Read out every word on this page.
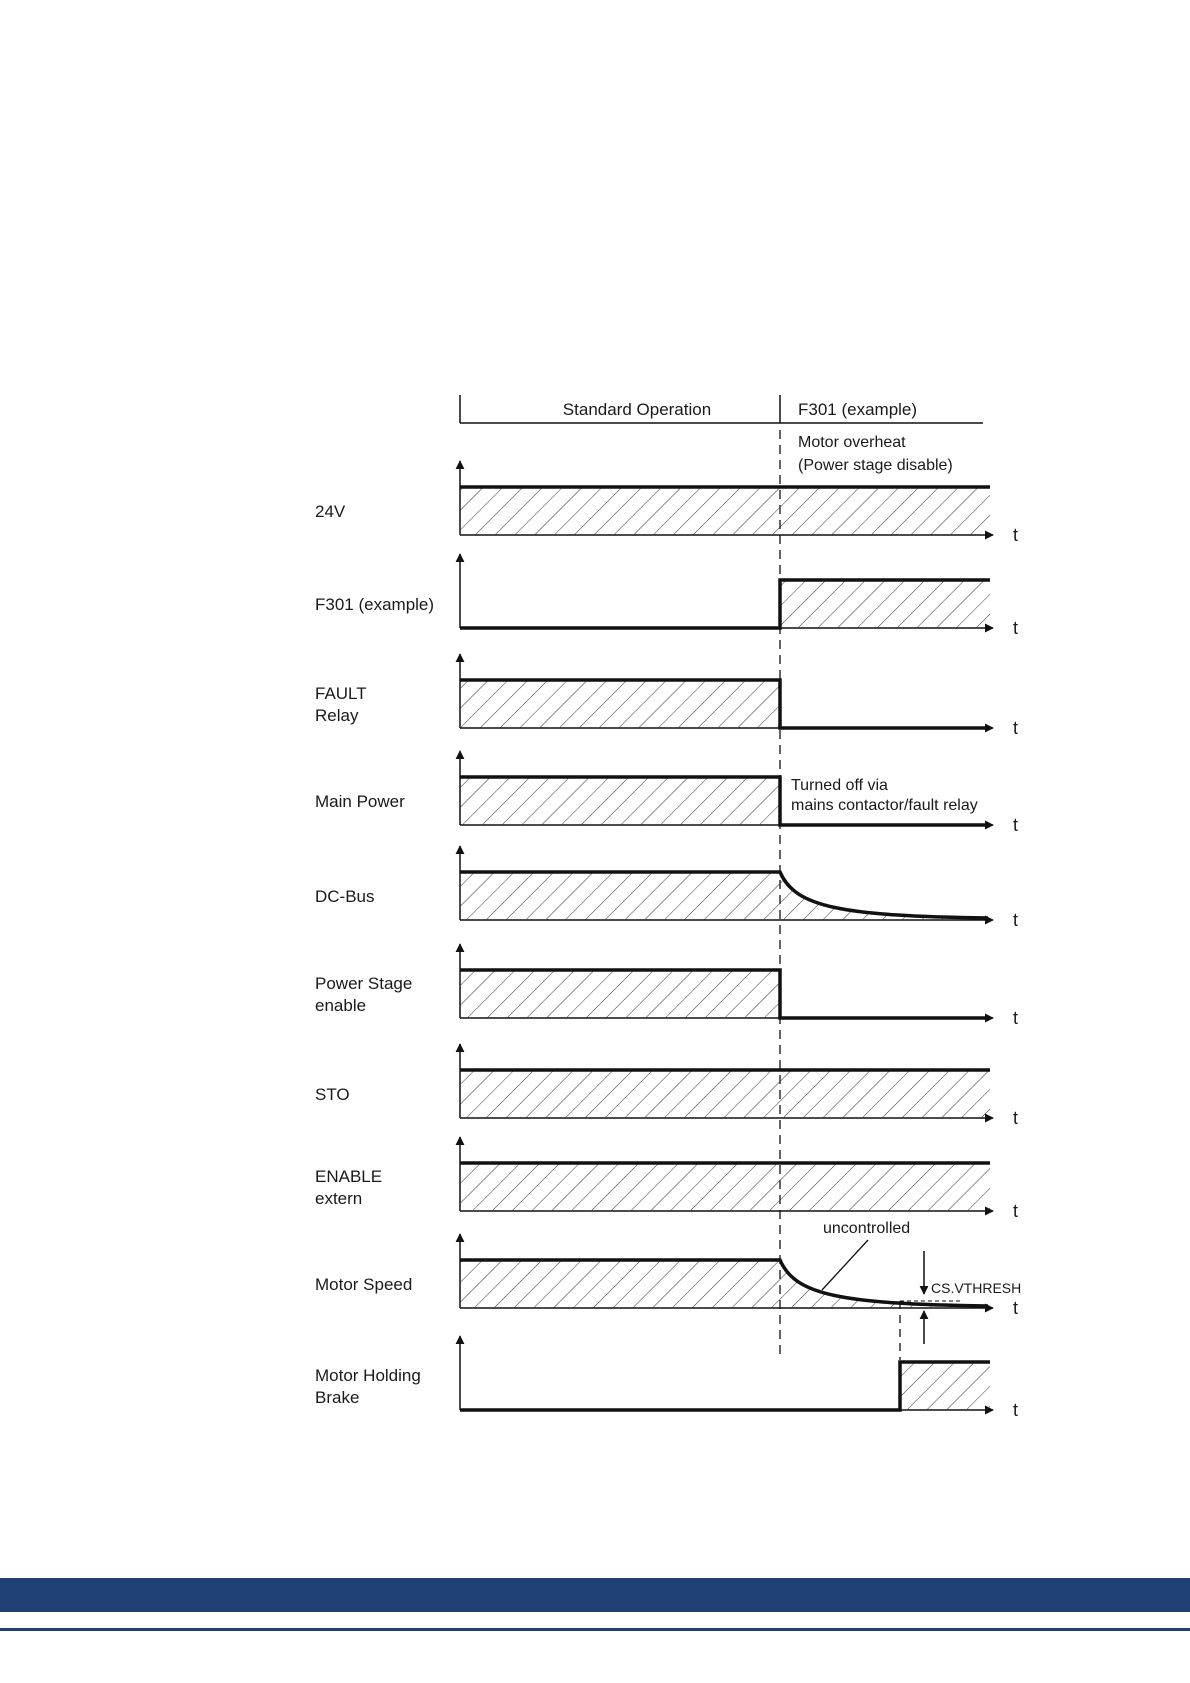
Standard Operation	F301 (example)
Motor overheat
(Power stage disable)
t
24V
t
F301 (example)
t
FAULT
Relay
t
Main Power
t
DC-Bus
t
Power Stage
enable
t
STO
t
ENABLE
extern
t
Motor Speed
t
Motor Holding
Brake
Turned off via
mains contactor/fault relay
uncontrolled
CS.VTHRESH
